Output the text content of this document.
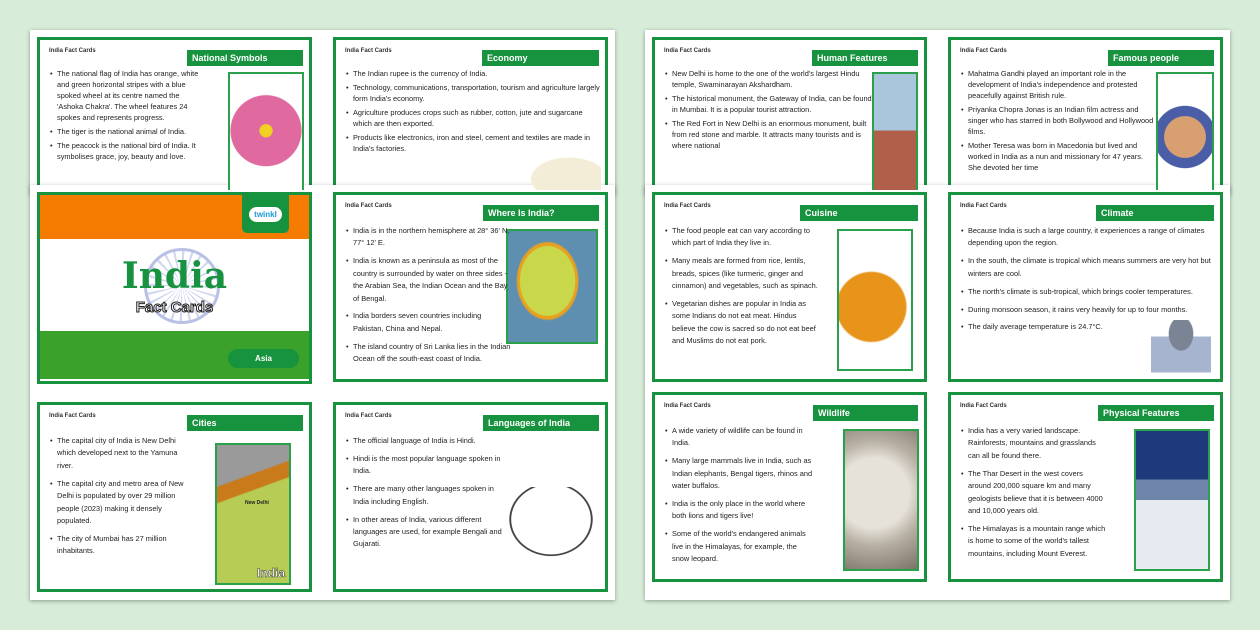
India Fact Cards
National Symbols
• The national flag of India has orange, white and green horizontal stripes with a blue spoked wheel at its centre named the 'Ashoka Chakra'. The wheel features 24 spokes and represents progress.
• The tiger is the national animal of India.
• The peacock is the national bird of India. It symbolises grace, joy, beauty and love.
India Fact Cards
Economy
• The Indian rupee is the currency of India.
• Technology, communications, transportation, tourism and agriculture largely form India's economy.
• Agriculture produces crops such as rubber, cotton, jute and sugarcane which are then exported.
• Products like electronics, iron and steel, cement and textiles are made in India's factories.
India Fact Cards
Human Features
• New Delhi is home to the one of the world's largest Hindu temple, Swaminarayan Akshardham.
• The historical monument, the Gateway of India, can be found in Mumbai. It is a popular tourist attraction.
• The Red Fort in New Delhi is an enormous monument, built from red stone and marble. It attracts many tourists and is where national
India Fact Cards
Famous people
• Mahatma Gandhi played an important role in the development of India's independence and protested peacefully against British rule.
• Priyanka Chopra Jonas is an Indian film actress and singer who has starred in both Bollywood and Hollywood films.
• Mother Teresa was born in Macedonia but lived and worked in India as a nun and missionary for 47 years. She devoted her time
twinkl
India
Fact Cards
Asia
India Fact Cards
Where Is India?
• India is in the northern hemisphere at 28° 36' N, 77° 12' E.
• India is known as a peninsula as most of the country is surrounded by water on three sides - the Arabian Sea, the Indian Ocean and the Bay of Bengal.
• India borders seven countries including Pakistan, China and Nepal.
• The island country of Sri Lanka lies in the Indian Ocean off the south-east coast of India.
India Fact Cards
Cities
• The capital city of India is New Delhi which developed next to the Yamuna river.
• The capital city and metro area of New Delhi is populated by over 29 million people (2023) making it densely populated.
• The city of Mumbai has 27 million inhabitants.
New Delhi
India
India Fact Cards
Languages of India
• The official language of India is Hindi.
• Hindi is the most popular language spoken in India.
• There are many other languages spoken in India including English.
• In other areas of India, various different languages are used, for example Bengali and Gujarati.
India Fact Cards
Cuisine
• The food people eat can vary according to which part of India they live in.
• Many meals are formed from rice, lentils, breads, spices (like turmeric, ginger and cinnamon) and vegetables, such as spinach.
• Vegetarian dishes are popular in India as some Indians do not eat meat. Hindus believe the cow is sacred so do not eat beef and Muslims do not eat pork.
India Fact Cards
Climate
• Because India is such a large country, it experiences a range of climates depending upon the region.
• In the south, the climate is tropical which means summers are very hot but winters are cool.
• The north's climate is sub-tropical, which brings cooler temperatures.
• During monsoon season, it rains very heavily for up to four months.
• The daily average temperature is 24.7°C.
India Fact Cards
Wildlife
• A wide variety of wildlife can be found in India.
• Many large mammals live in India, such as Indian elephants, Bengal tigers, rhinos and water buffalos.
• India is the only place in the world where both lions and tigers live!
• Some of the world's endangered animals live in the Himalayas, for example, the snow leopard.
India Fact Cards
Physical Features
• India has a very varied landscape. Rainforests, mountains and grasslands can all be found there.
• The Thar Desert in the west covers around 200,000 square km and many geologists believe that it is between 4000 and 10,000 years old.
• The Himalayas is a mountain range which is home to some of the world's tallest mountains, including Mount Everest.
